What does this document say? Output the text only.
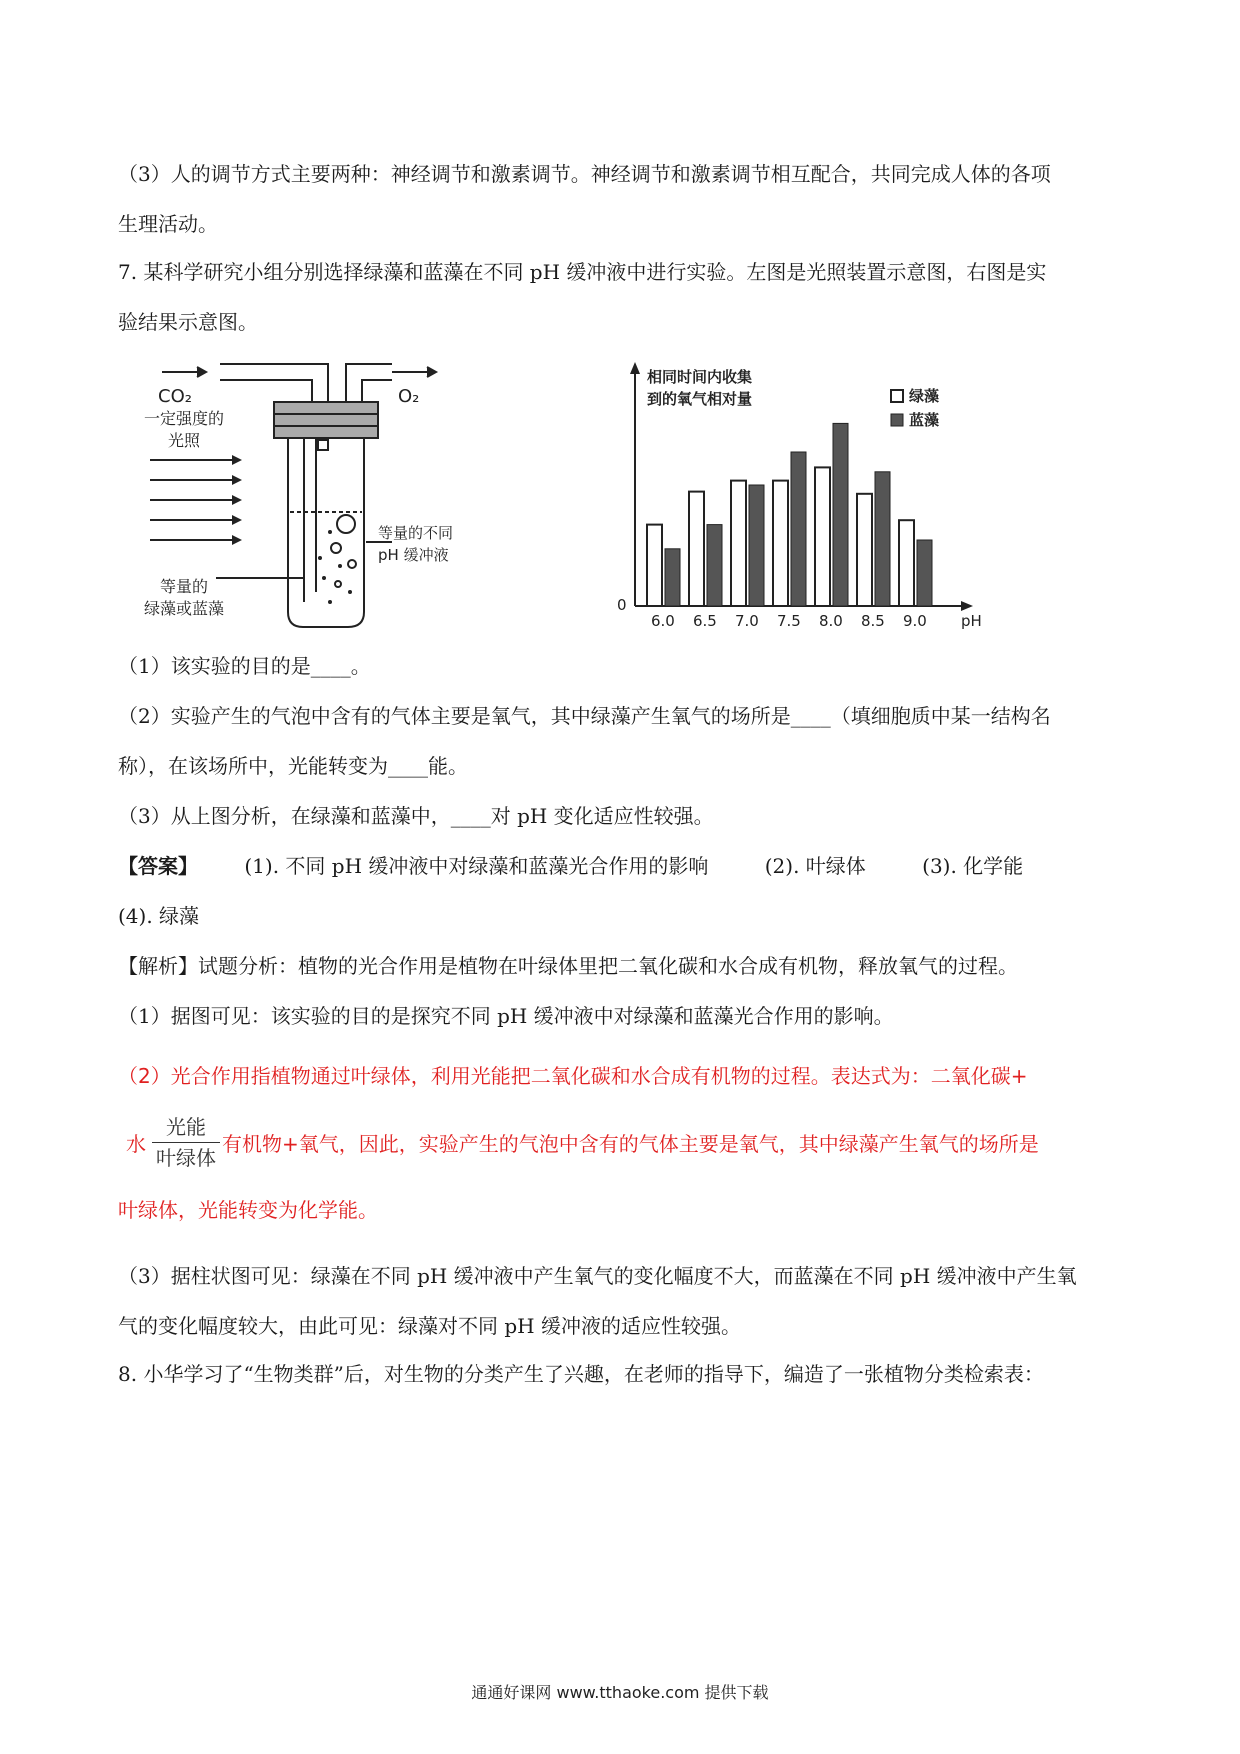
（3）人的调节方式主要两种：神经调节和激素调节。神经调节和激素调节相互配合，共同完成人体的各项
生理活动。
7. 某科学研究小组分别选择绿藻和蓝藻在不同 pH 缓冲液中进行实验。左图是光照装置示意图，右图是实
验结果示意图。
CO₂	O₂
一定强度的
光照
等量的不同
pH 缓冲液
等量的
绿藻或蓝藻
相同时间内收集
到的氧气相对量
0
pH
绿藻
蓝藻
6.0 6.5 7.0 7.5 8.0 8.5 9.0
（1）该实验的目的是____。
（2）实验产生的气泡中含有的气体主要是氧气，其中绿藻产生氧气的场所是____（填细胞质中某一结构名
称），在该场所中，光能转变为____能。
（3）从上图分析，在绿藻和蓝藻中，____对 pH 变化适应性较强。
【答案】 (1). 不同 pH 缓冲液中对绿藻和蓝藻光合作用的影响	(2). 叶绿体	(3). 化学能
(4). 绿藻
【解析】试题分析：植物的光合作用是植物在叶绿体里把二氧化碳和水合成有机物，释放氧气的过程。
（1）据图可见：该实验的目的是探究不同 pH 缓冲液中对绿藻和蓝藻光合作用的影响。
（2）光合作用指植物通过叶绿体，利用光能把二氧化碳和水合成有机物的过程。表达式为：二氧化碳+
水
光能
叶绿体
有机物+氧气，因此，实验产生的气泡中含有的气体主要是氧气，其中绿藻产生氧气的场所是
叶绿体，光能转变为化学能。
（3）据柱状图可见：绿藻在不同 pH 缓冲液中产生氧气的变化幅度不大，而蓝藻在不同 pH 缓冲液中产生氧
气的变化幅度较大，由此可见：绿藻对不同 pH 缓冲液的适应性较强。
8. 小华学习了“生物类群”后，对生物的分类产生了兴趣，在老师的指导下，编造了一张植物分类检索表：
通通好课网 www.tthaoke.com 提供下载
